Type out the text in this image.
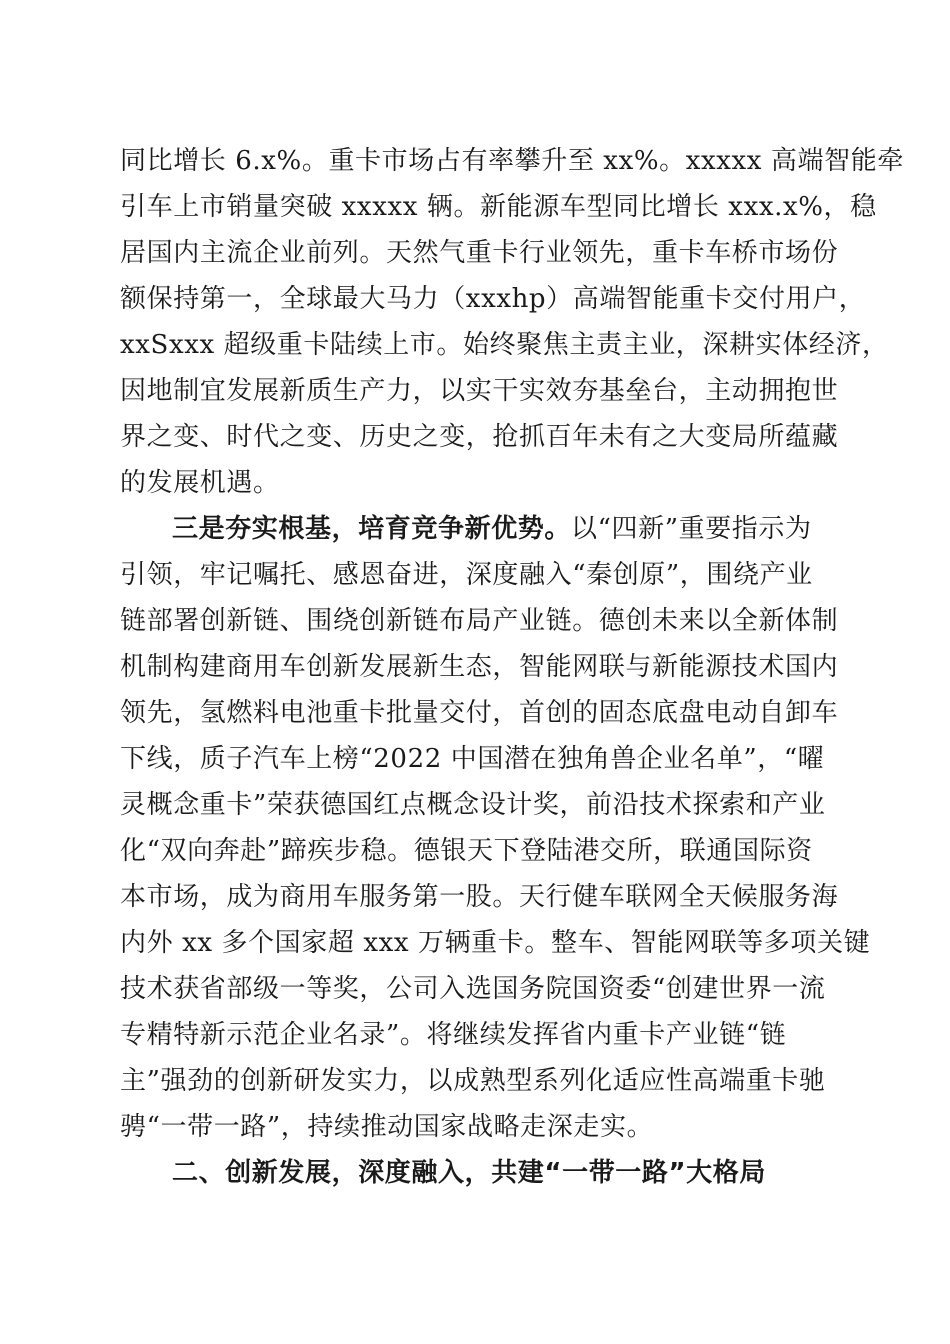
同比增长 6.x%。重卡市场占有率攀升至 xx%。xxxxx 高端智能牵
引车上市销量突破 xxxxx 辆。新能源车型同比增长 xxx.x%，稳
居国内主流企业前列。天然气重卡行业领先，重卡车桥市场份
额保持第一，全球最大马力（xxxhp）高端智能重卡交付用户，
xxSxxx 超级重卡陆续上市。始终聚焦主责主业，深耕实体经济，
因地制宜发展新质生产力，以实干实效夯基垒台，主动拥抱世
界之变、时代之变、历史之变，抢抓百年未有之大变局所蕴藏
的发展机遇。
三是夯实根基，培育竞争新优势。以“四新”重要指示为
引领，牢记嘱托、感恩奋进，深度融入“秦创原”，围绕产业
链部署创新链、围绕创新链布局产业链。德创未来以全新体制
机制构建商用车创新发展新生态，智能网联与新能源技术国内
领先，氢燃料电池重卡批量交付，首创的固态底盘电动自卸车
下线，质子汽车上榜“2022 中国潜在独角兽企业名单”，“曜
灵概念重卡”荣获德国红点概念设计奖，前沿技术探索和产业
化“双向奔赴”蹄疾步稳。德银天下登陆港交所，联通国际资
本市场，成为商用车服务第一股。天行健车联网全天候服务海
内外 xx 多个国家超 xxx 万辆重卡。整车、智能网联等多项关键
技术获省部级一等奖，公司入选国务院国资委“创建世界一流
专精特新示范企业名录”。将继续发挥省内重卡产业链“链
主”强劲的创新研发实力，以成熟型系列化适应性高端重卡驰
骋“一带一路”，持续推动国家战略走深走实。
二、创新发展，深度融入，共建“一带一路”大格局
